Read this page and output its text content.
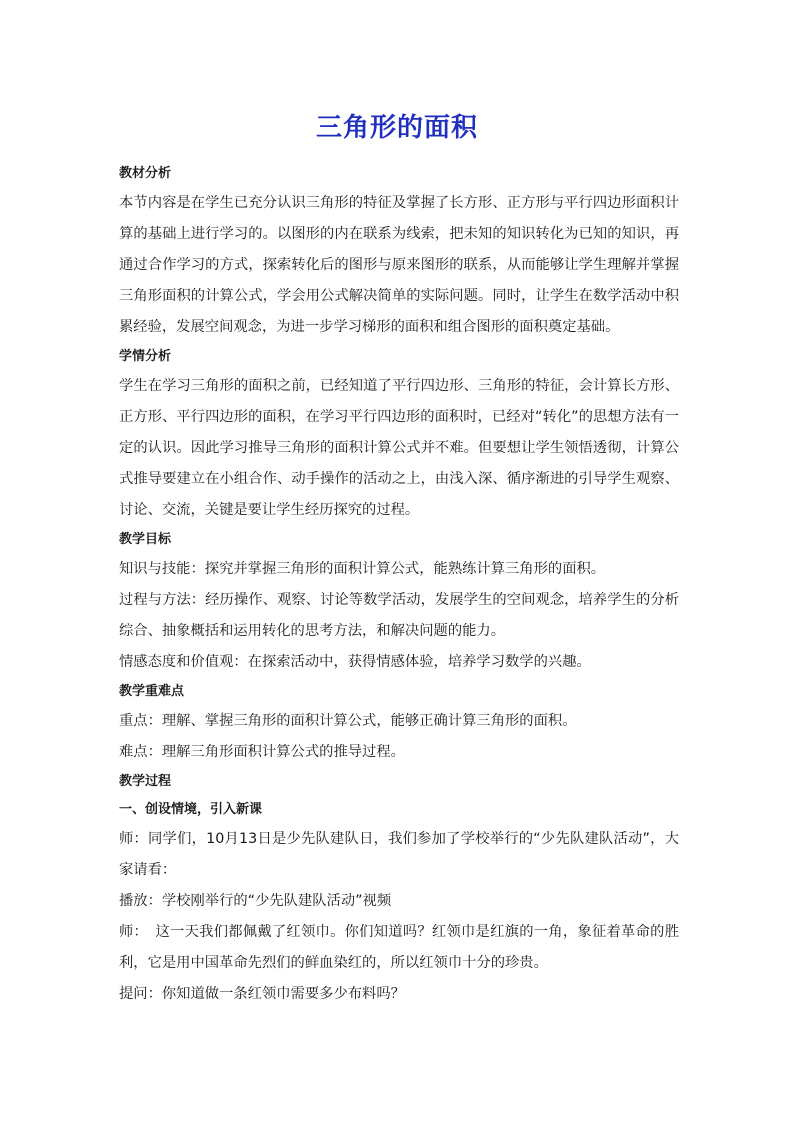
三角形的面积
教材分析
本节内容是在学生已充分认识三角形的特征及掌握了长方形、正方形与平行四边形面积计算的基础上进行学习的。以图形的内在联系为线索，把未知的知识转化为已知的知识，再通过合作学习的方式，探索转化后的图形与原来图形的联系，从而能够让学生理解并掌握三角形面积的计算公式，学会用公式解决简单的实际问题。同时，让学生在数学活动中积累经验，发展空间观念，为进一步学习梯形的面积和组合图形的面积奠定基础。
学情分析
学生在学习三角形的面积之前，已经知道了平行四边形、三角形的特征，会计算长方形、正方形、平行四边形的面积，在学习平行四边形的面积时，已经对“转化”的思想方法有一定的认识。因此学习推导三角形的面积计算公式并不难。但要想让学生领悟透彻，计算公式推导要建立在小组合作、动手操作的活动之上，由浅入深、循序渐进的引导学生观察、讨论、交流，关键是要让学生经历探究的过程。
教学目标
知识与技能：探究并掌握三角形的面积计算公式，能熟练计算三角形的面积。
过程与方法：经历操作、观察、讨论等数学活动，发展学生的空间观念，培养学生的分析综合、抽象概括和运用转化的思考方法，和解决问题的能力。
情感态度和价值观：在探索活动中，获得情感体验，培养学习数学的兴趣。
教学重难点
重点：理解、掌握三角形的面积计算公式，能够正确计算三角形的面积。
难点：理解三角形面积计算公式的推导过程。
教学过程
一、创设情境，引入新课
师：同学们，10月13日是少先队建队日，我们参加了学校举行的“少先队建队活动”，大家请看：
播放：学校刚举行的“少先队建队活动”视频
师：　这一天我们都佩戴了红领巾。你们知道吗？红领巾是红旗的一角，象征着革命的胜利，它是用中国革命先烈们的鲜血染红的，所以红领巾十分的珍贵。
提问：你知道做一条红领巾需要多少布料吗？
